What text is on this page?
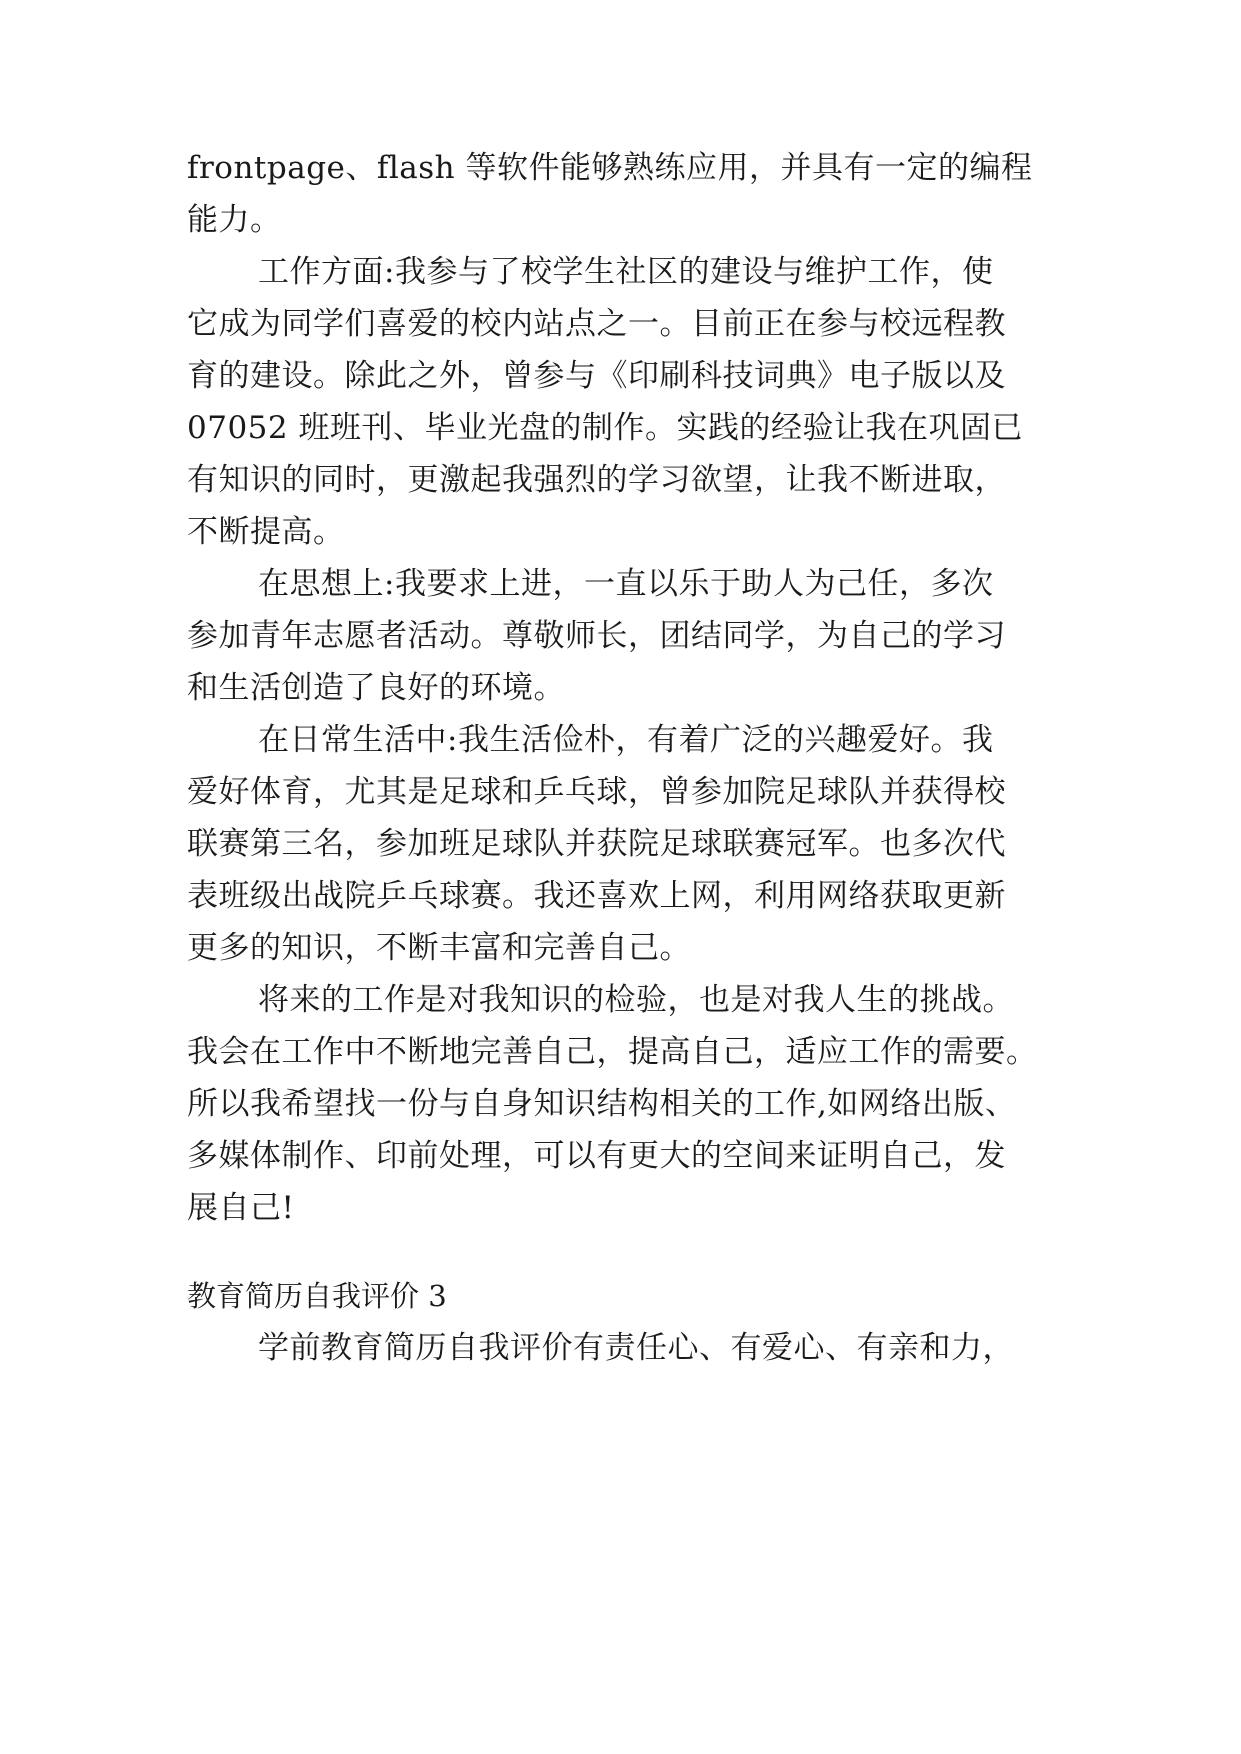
frontpage、flash 等软件能够熟练应用，并具有一定的编程
能力。
工作方面:我参与了校学生社区的建设与维护工作，使
它成为同学们喜爱的校内站点之一。目前正在参与校远程教
育的建设。除此之外，曾参与《印刷科技词典》电子版以及
07052 班班刊、毕业光盘的制作。实践的经验让我在巩固已
有知识的同时，更激起我强烈的学习欲望，让我不断进取，
不断提高。
在思想上:我要求上进，一直以乐于助人为己任，多次
参加青年志愿者活动。尊敬师长，团结同学，为自己的学习
和生活创造了良好的环境。
在日常生活中:我生活俭朴，有着广泛的兴趣爱好。我
爱好体育，尤其是足球和乒乓球，曾参加院足球队并获得校
联赛第三名，参加班足球队并获院足球联赛冠军。也多次代
表班级出战院乒乓球赛。我还喜欢上网，利用网络获取更新
更多的知识，不断丰富和完善自己。
将来的工作是对我知识的检验，也是对我人生的挑战。
我会在工作中不断地完善自己，提高自己，适应工作的需要。
所以我希望找一份与自身知识结构相关的工作,如网络出版、
多媒体制作、印前处理，可以有更大的空间来证明自己，发
展自己!
教育简历自我评价 3
学前教育简历自我评价有责任心、有爱心、有亲和力，
